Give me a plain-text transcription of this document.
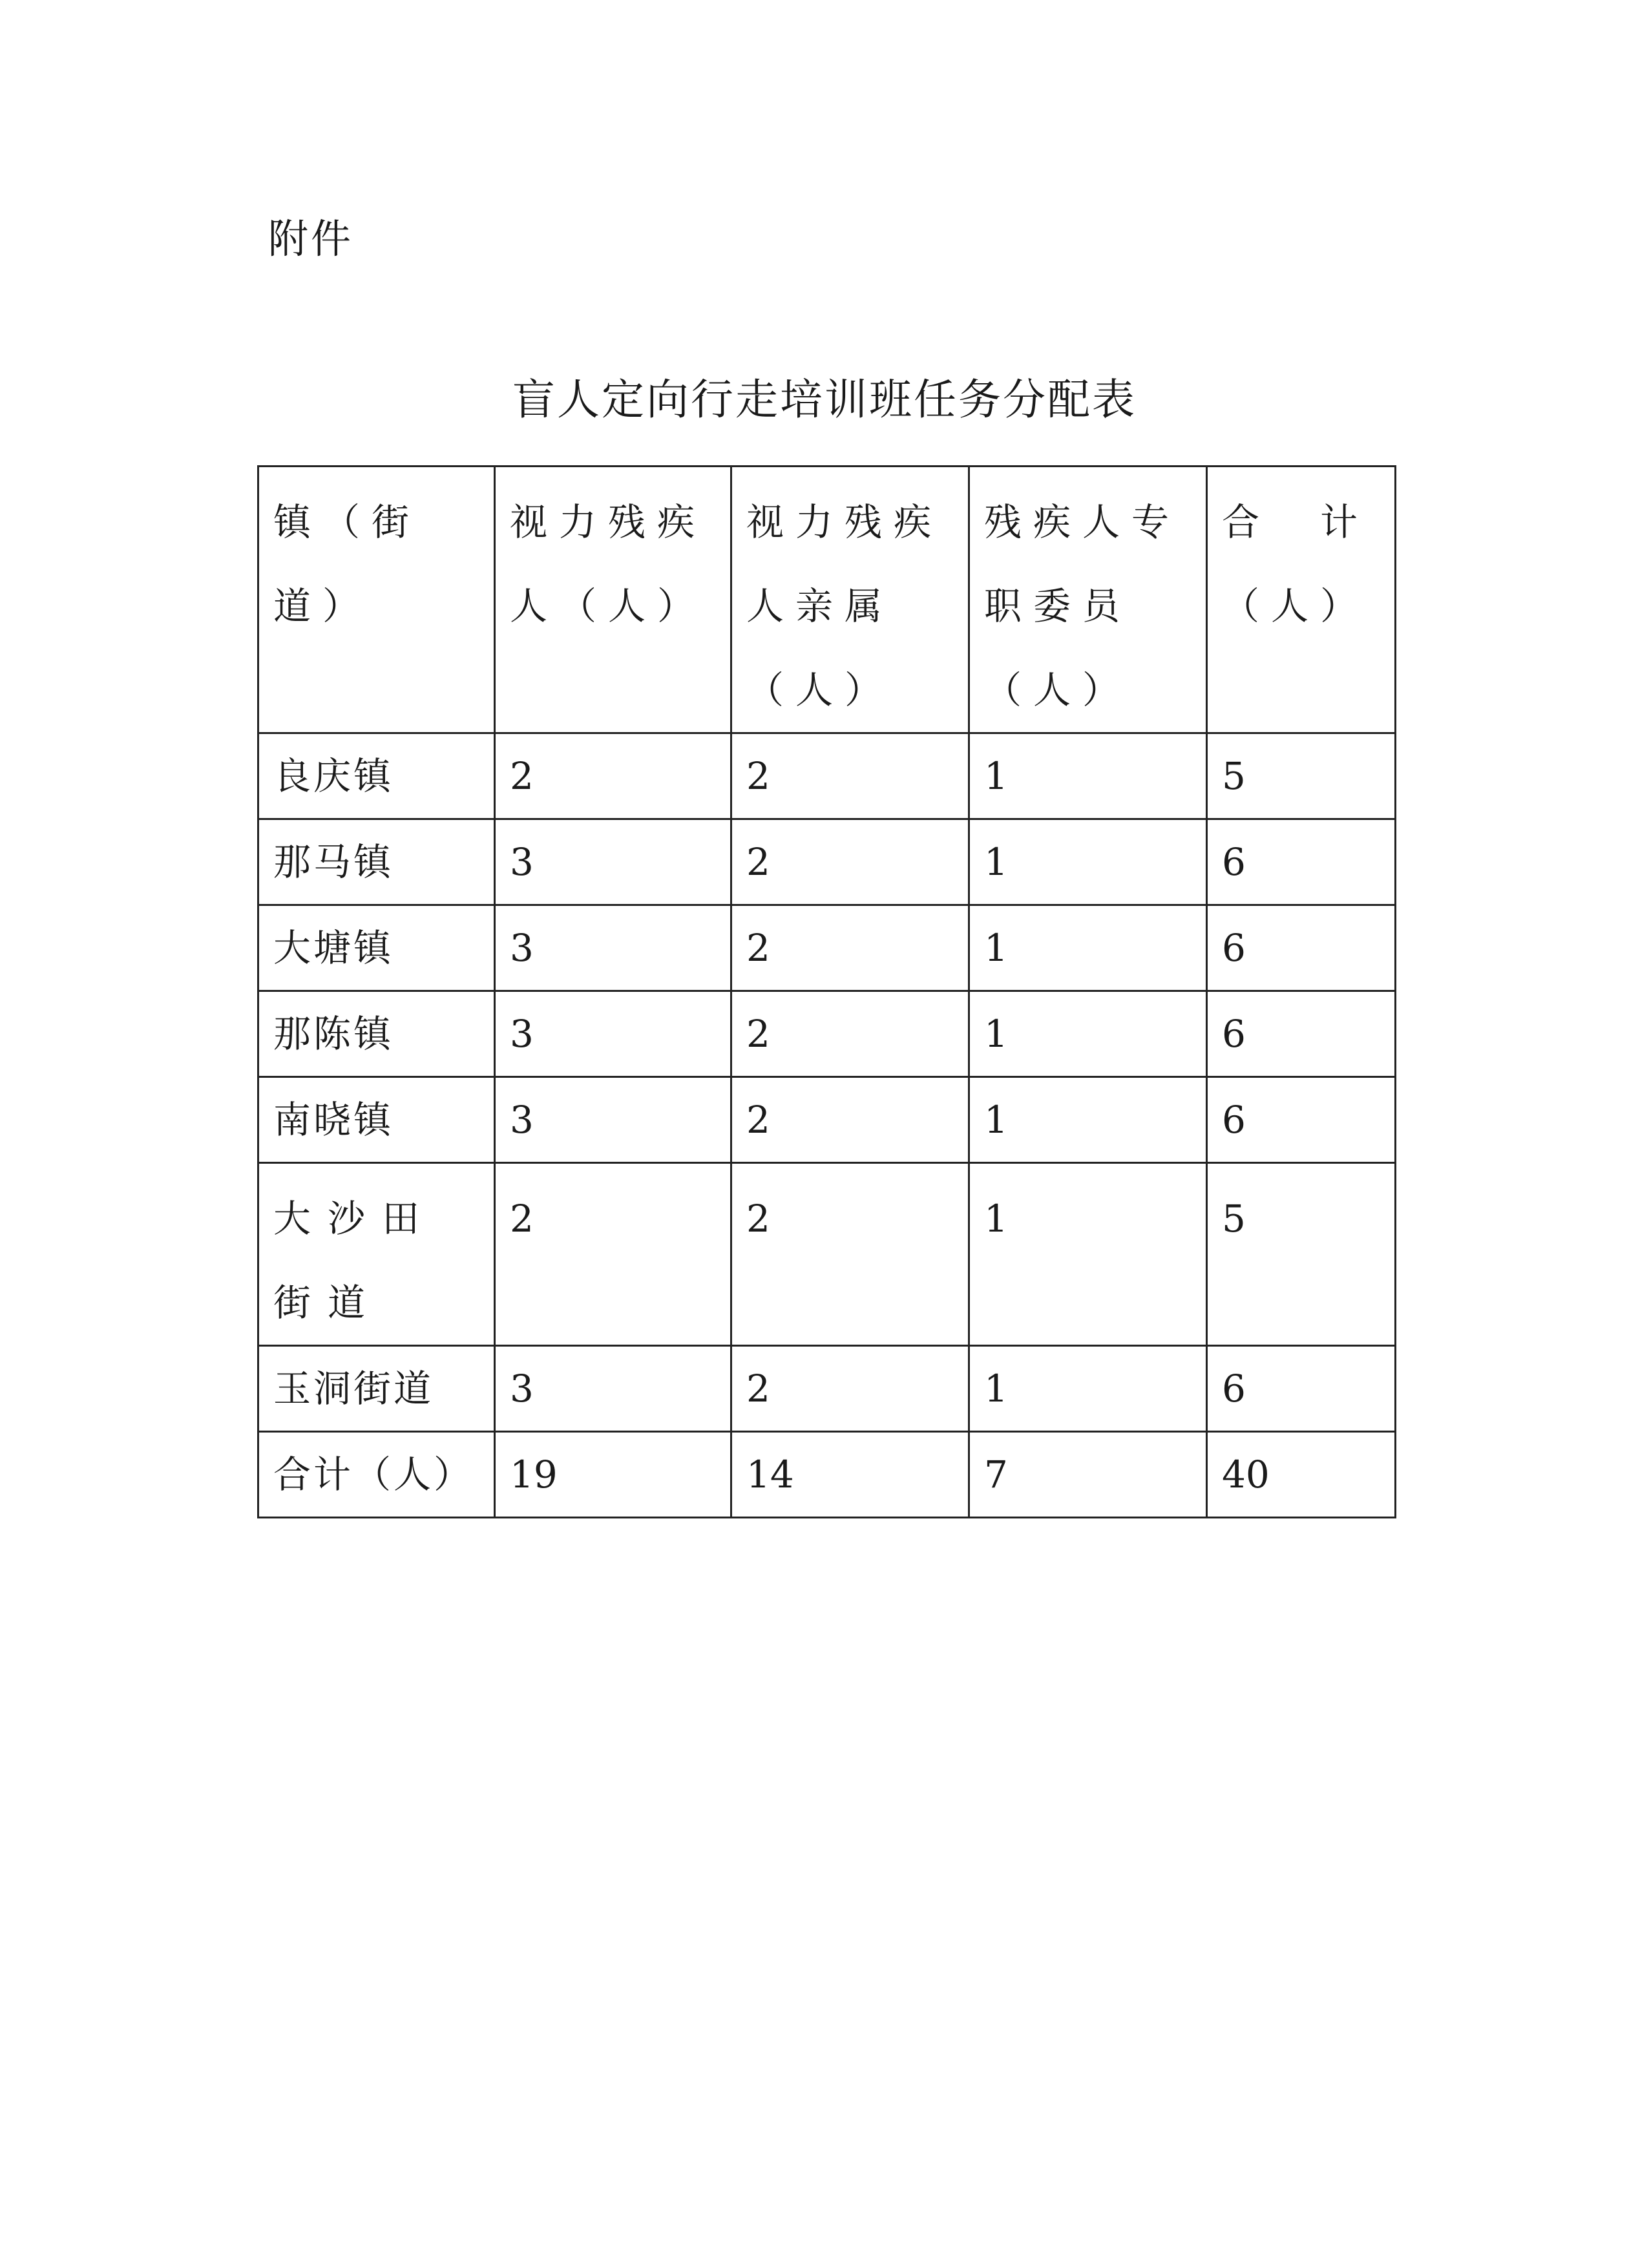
附件
盲人定向行走培训班任务分配表
镇（街道）	视力残疾人（人）	视力残疾人亲属（人）	残疾人专职委员（人）	合　计（人）
良庆镇	2	2	1	5
那马镇	3	2	1	6
大塘镇	3	2	1	6
那陈镇	3	2	1	6
南晓镇	3	2	1	6
大沙田街道	2	2	1	5
玉洞街道	3	2	1	6
合计（人）	19	14	7	40
